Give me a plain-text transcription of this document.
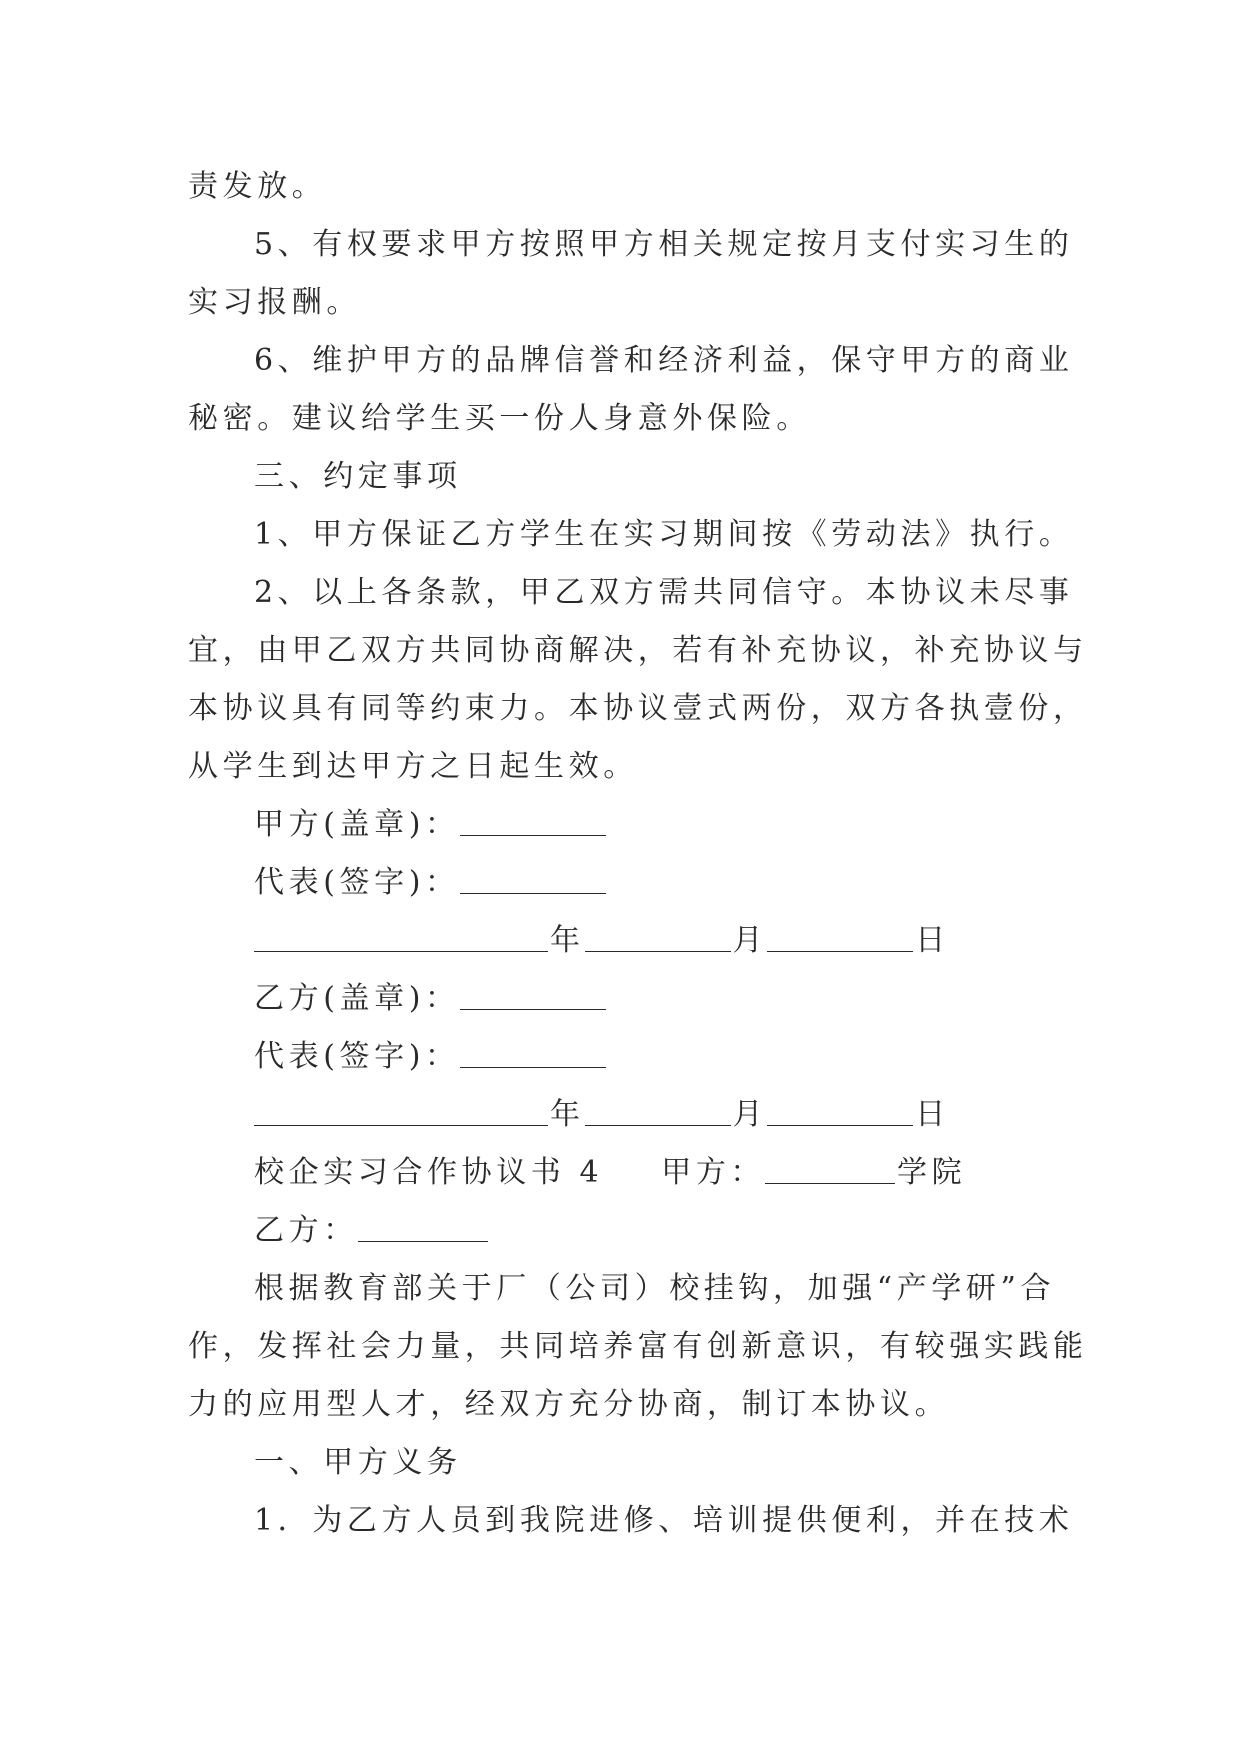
责发放。
5、有权要求甲方按照甲方相关规定按月支付实习生的
实习报酬。
6、维护甲方的品牌信誉和经济利益，保守甲方的商业
秘密。建议给学生买一份人身意外保险。
三、约定事项
1、甲方保证乙方学生在实习期间按《劳动法》执行。
2、以上各条款，甲乙双方需共同信守。本协议未尽事
宜，由甲乙双方共同协商解决，若有补充协议，补充协议与
本协议具有同等约束力。本协议壹式两份，双方各执壹份，
从学生到达甲方之日起生效。
甲方(盖章)：
代表(签字)：
年	月	日
乙方(盖章)：
代表(签字)：
年	月	日
校企实习合作协议书 4 甲方：	学院
乙方：
根据教育部关于厂（公司）校挂钩，加强“产学研”合
作，发挥社会力量，共同培养富有创新意识，有较强实践能
力的应用型人才，经双方充分协商，制订本协议。
一、甲方义务
1．为乙方人员到我院进修、培训提供便利，并在技术
